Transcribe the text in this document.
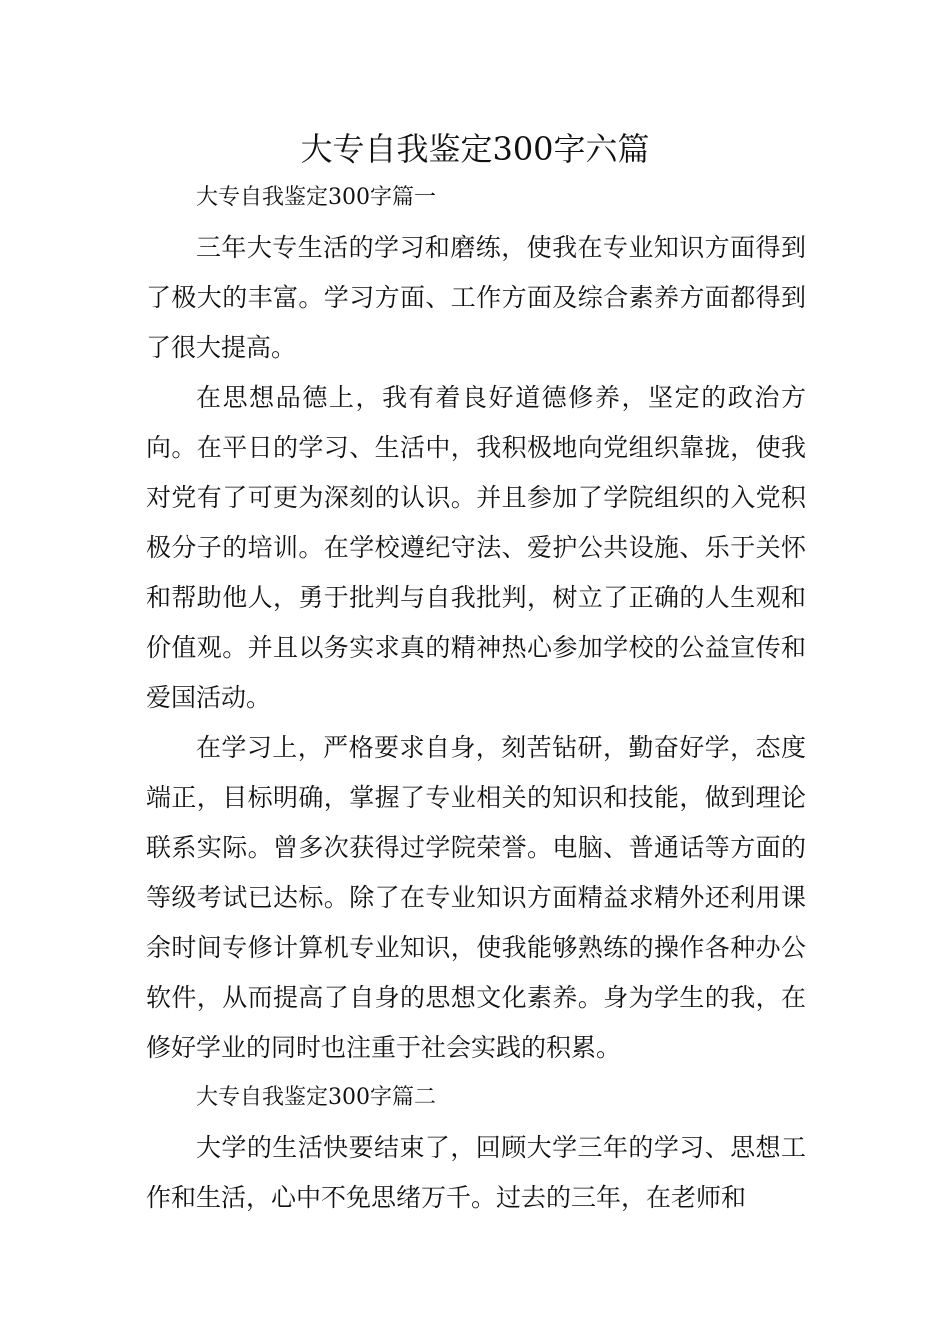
大专自我鉴定300字六篇

大专自我鉴定300字篇一

三年大专生活的学习和磨练，使我在专业知识方面得到了极大的丰富。学习方面、工作方面及综合素养方面都得到了很大提高。

在思想品德上，我有着良好道德修养，坚定的政治方向。在平日的学习、生活中，我积极地向党组织靠拢，使我对党有了可更为深刻的认识。并且参加了学院组织的入党积极分子的培训。在学校遵纪守法、爱护公共设施、乐于关怀和帮助他人，勇于批判与自我批判，树立了正确的人生观和价值观。并且以务实求真的精神热心参加学校的公益宣传和爱国活动。

在学习上，严格要求自身，刻苦钻研，勤奋好学，态度端正，目标明确，掌握了专业相关的知识和技能，做到理论联系实际。曾多次获得过学院荣誉。电脑、普通话等方面的等级考试已达标。除了在专业知识方面精益求精外还利用课余时间专修计算机专业知识，使我能够熟练的操作各种办公软件，从而提高了自身的思想文化素养。身为学生的我，在修好学业的同时也注重于社会实践的积累。

大专自我鉴定300字篇二

大学的生活快要结束了，回顾大学三年的学习、思想工作和生活，心中不免思绪万千。过去的三年，在老师和
